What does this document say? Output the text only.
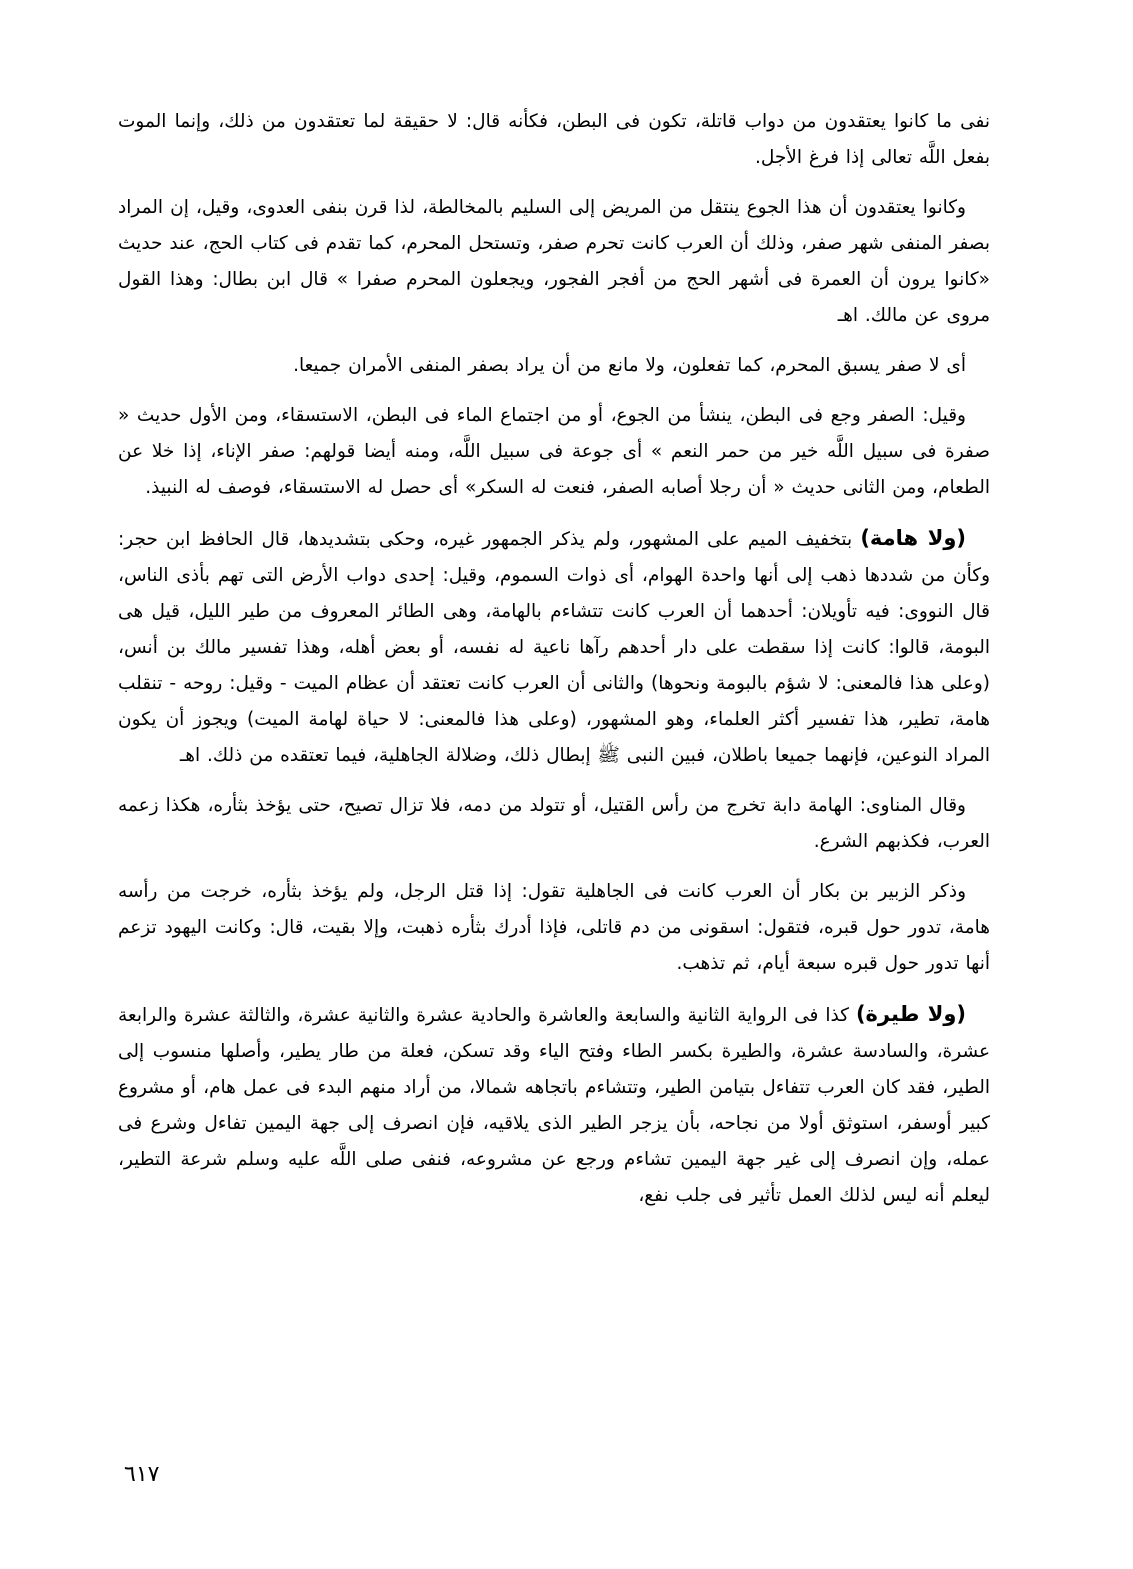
نفى ما كانوا يعتقدون من دواب قاتلة، تكون فى البطن، فكأنه قال: لا حقيقة لما تعتقدون من ذلك، وإنما الموت بفعل اللَّه تعالى إذا فرغ الأجل.

وكانوا يعتقدون أن هذا الجوع ينتقل من المريض إلى السليم بالمخالطة، لذا قرن بنفى العدوى، وقيل، إن المراد بصفر المنفى شهر صفر، وذلك أن العرب كانت تحرم صفر، وتستحل المحرم، كما تقدم فى كتاب الحج، عند حديث «كانوا يرون أن العمرة فى أشهر الحج من أفجر الفجور، ويجعلون المحرم صفرا » قال ابن بطال: وهذا القول مروى عن مالك. اهـ

أى لا صفر يسبق المحرم، كما تفعلون، ولا مانع من أن يراد بصفر المنفى الأمران جميعا.

وقيل: الصفر وجع فى البطن، ينشأ من الجوع، أو من اجتماع الماء فى البطن، الاستسقاء، ومن الأول حديث « صفرة فى سبيل اللَّه خير من حمر النعم » أى جوعة فى سبيل اللَّه، ومنه أيضا قولهم: صفر الإناء، إذا خلا عن الطعام، ومن الثانى حديث « أن رجلا أصابه الصفر، فنعت له السكر» أى حصل له الاستسقاء، فوصف له النبيذ.

(ولا هامة) بتخفيف الميم على المشهور، ولم يذكر الجمهور غيره، وحكى بتشديدها، قال الحافظ ابن حجر: وكأن من شددها ذهب إلى أنها واحدة الهوام، أى ذوات السموم، وقيل: إحدى دواب الأرض التى تهم بأذى الناس، قال النووى: فيه تأويلان: أحدهما أن العرب كانت تتشاءم بالهامة، وهى الطائر المعروف من طير الليل، قيل هى البومة، قالوا: كانت إذا سقطت على دار أحدهم رآها ناعية له نفسه، أو بعض أهله، وهذا تفسير مالك بن أنس، (وعلى هذا فالمعنى: لا شؤم بالبومة ونحوها) والثانى أن العرب كانت تعتقد أن عظام الميت - وقيل: روحه - تنقلب هامة، تطير، هذا تفسير أكثر العلماء، وهو المشهور، (وعلى هذا فالمعنى: لا حياة لهامة الميت) ويجوز أن يكون المراد النوعين، فإنهما جميعا باطلان، فبين النبى ﷺ إبطال ذلك، وضلالة الجاهلية، فيما تعتقده من ذلك. اهـ

وقال المناوى: الهامة دابة تخرج من رأس القتيل، أو تتولد من دمه، فلا تزال تصيح، حتى يؤخذ بثأره، هكذا زعمه العرب، فكذبهم الشرع.

وذكر الزبير بن بكار أن العرب كانت فى الجاهلية تقول: إذا قتل الرجل، ولم يؤخذ بثأره، خرجت من رأسه هامة، تدور حول قبره، فتقول: اسقونى من دم قاتلى، فإذا أدرك بثأره ذهبت، وإلا بقيت، قال: وكانت اليهود تزعم أنها تدور حول قبره سبعة أيام، ثم تذهب.

(ولا طيرة) كذا فى الرواية الثانية والسابعة والعاشرة والحادية عشرة والثانية عشرة، والثالثة عشرة والرابعة عشرة، والسادسة عشرة، والطيرة بكسر الطاء وفتح الياء وقد تسكن، فعلة من طار يطير، وأصلها منسوب إلى الطير، فقد كان العرب تتفاءل بتيامن الطير، وتتشاءم باتجاهه شمالا، من أراد منهم البدء فى عمل هام، أو مشروع كبير أوسفر، استوثق أولا من نجاحه، بأن يزجر الطير الذى يلاقيه، فإن انصرف إلى جهة اليمين تفاءل وشرع فى عمله، وإن انصرف إلى غير جهة اليمين تشاءم ورجع عن مشروعه، فنفى صلى اللَّه عليه وسلم شرعة التطير، ليعلم أنه ليس لذلك العمل تأثير فى جلب نفع،

٦١٧
